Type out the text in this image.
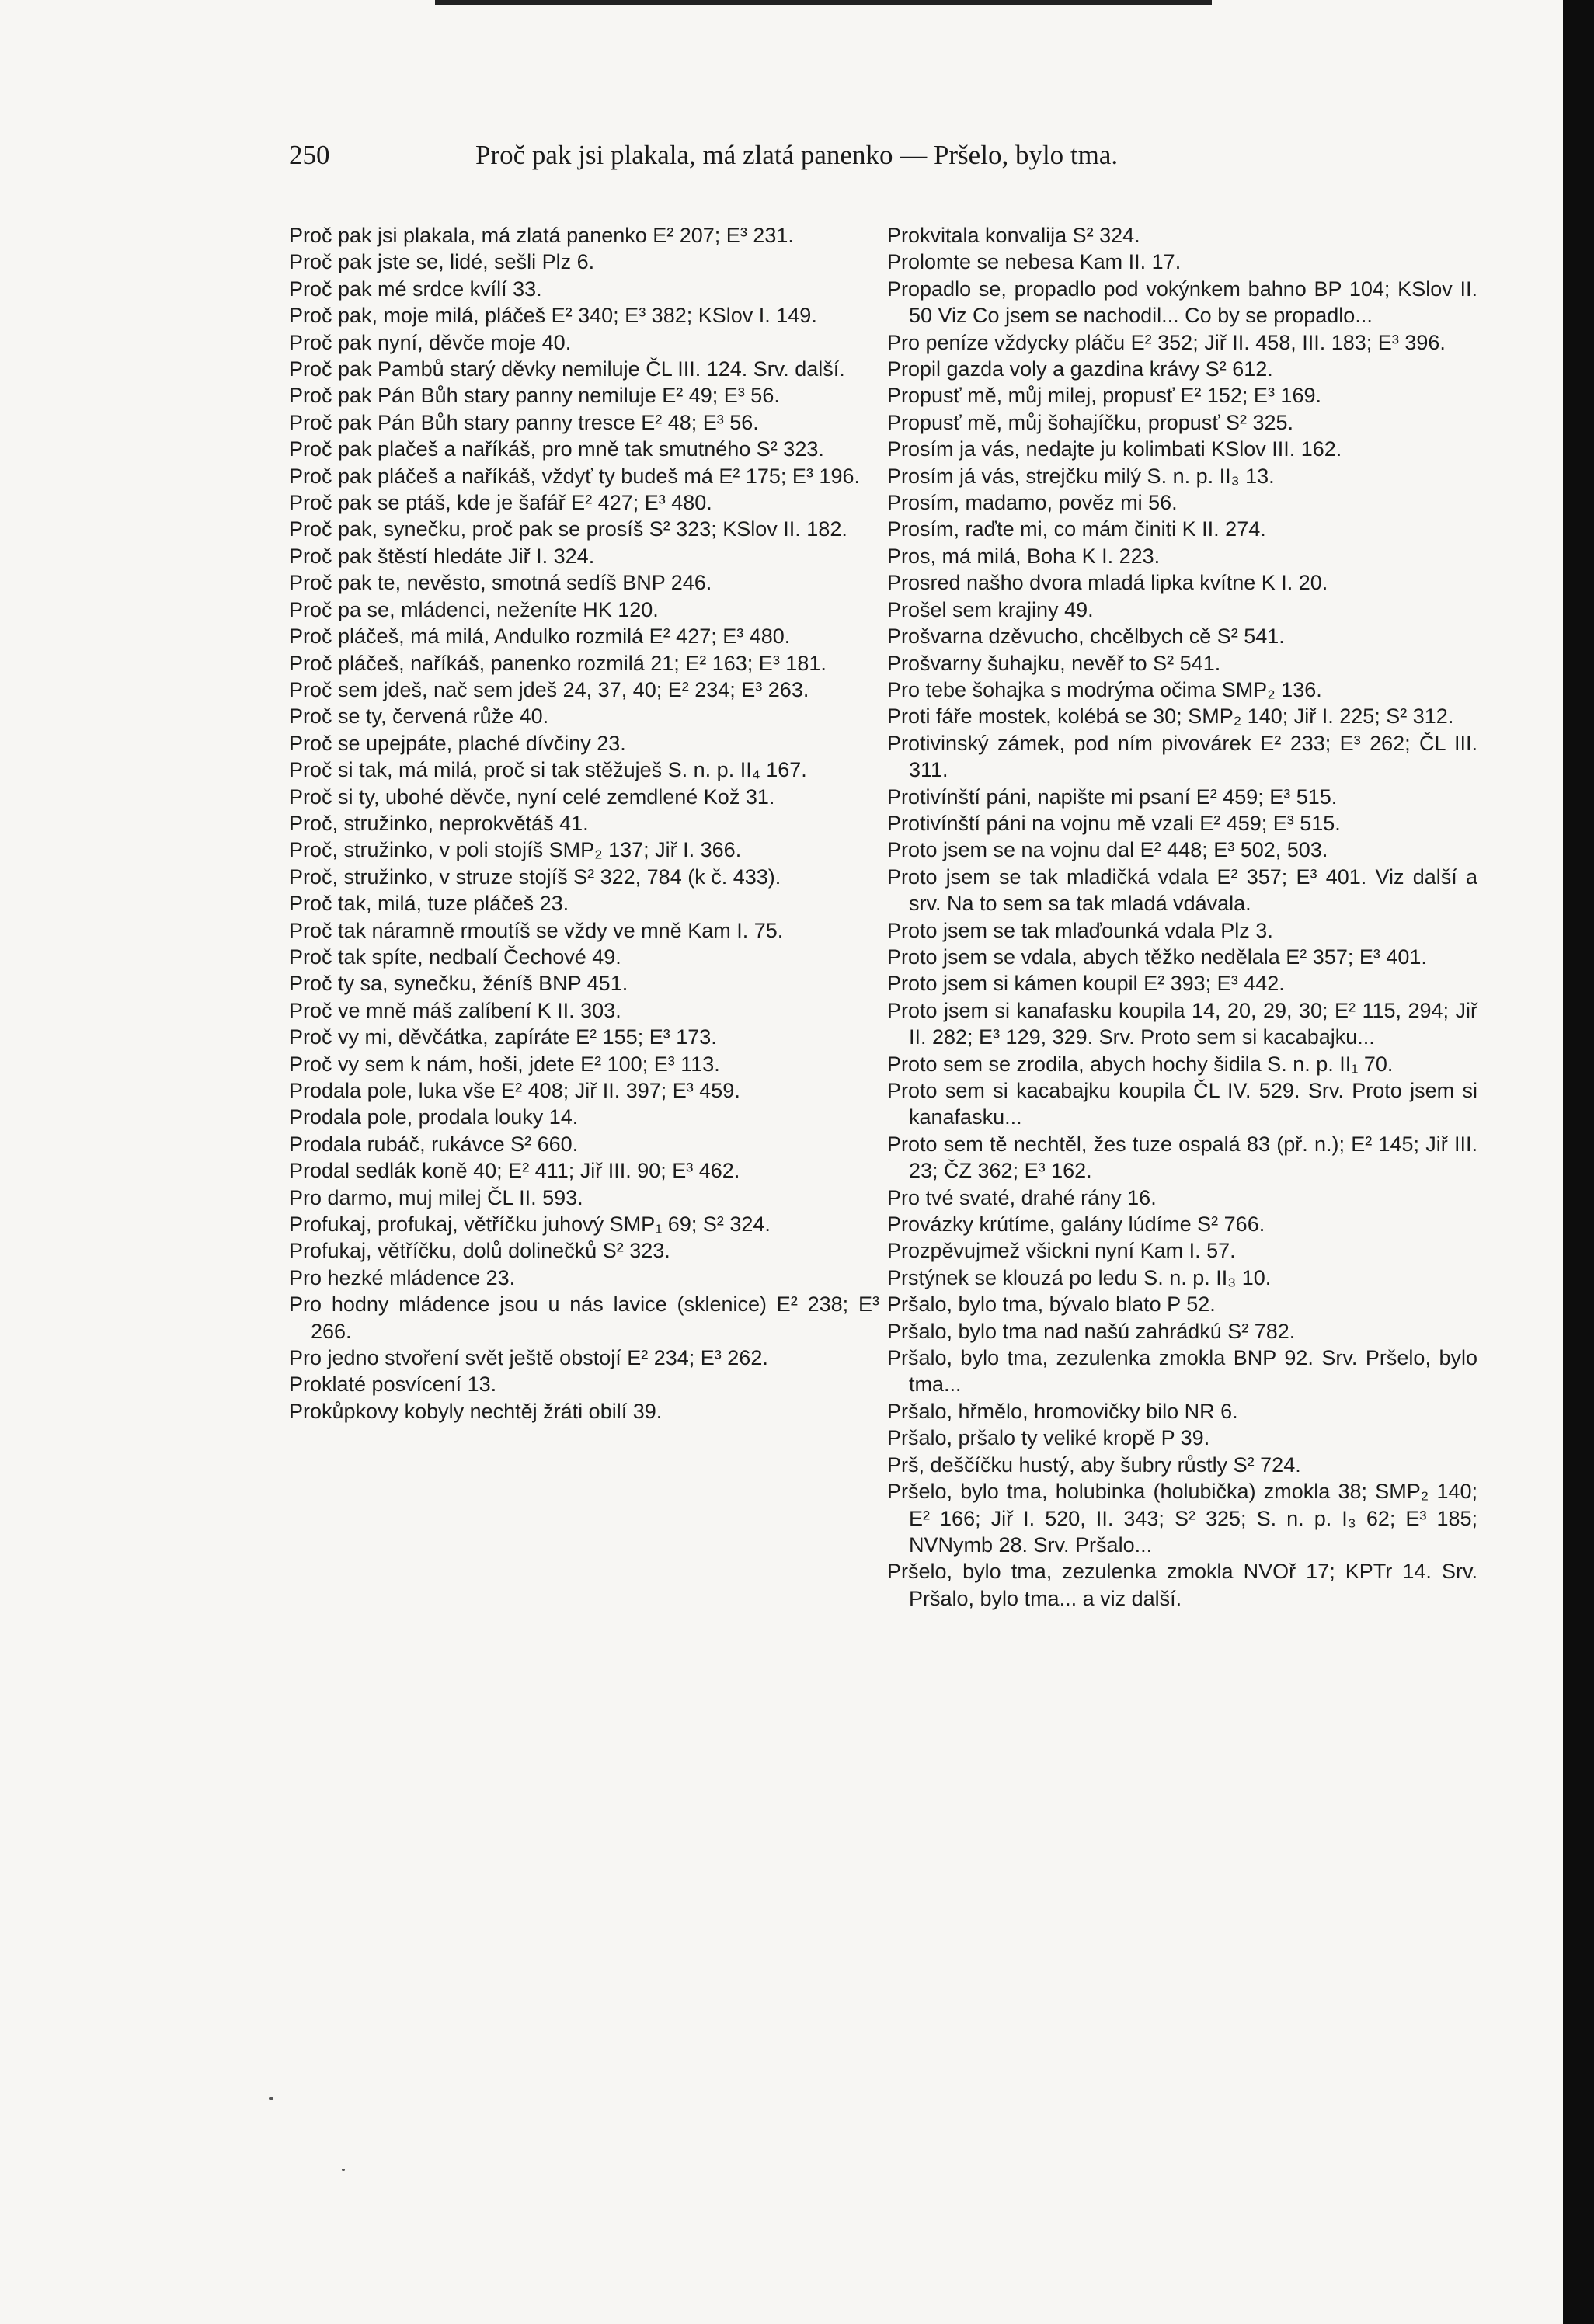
250	Proč pak jsi plakala, má zlatá panenko — Pršelo, bylo tma.

Proč pak jsi plakala, má zlatá panenko E² 207; E³ 231.

Proč pak jste se, lidé, sešli Plz 6.

Proč pak mé srdce kvílí 33.

Proč pak, moje milá, pláčeš E² 340; E³ 382; KSlov I. 149.

Proč pak nyní, děvče moje 40.

Proč pak Pambů starý děvky nemiluje ČL III. 124. Srv. další.

Proč pak Pán Bůh stary panny nemiluje E² 49; E³ 56.

Proč pak Pán Bůh stary panny tresce E² 48; E³ 56.

Proč pak plačeš a naříkáš, pro mně tak smutného S² 323.

Proč pak pláčeš a naříkáš, vždyť ty budeš má E² 175; E³ 196.

Proč pak se ptáš, kde je šafář E² 427; E³ 480.

Proč pak, synečku, proč pak se prosíš S² 323; KSlov II. 182.

Proč pak štěstí hledáte Jiř I. 324.

Proč pak te, nevěsto, smotná sedíš BNP 246.

Proč pa se, mládenci, neženíte HK 120.

Proč pláčeš, má milá, Andulko rozmilá E² 427; E³ 480.

Proč pláčeš, naříkáš, panenko rozmilá 21; E² 163; E³ 181.

Proč sem jdeš, nač sem jdeš 24, 37, 40; E² 234; E³ 263.

Proč se ty, červená růže 40.

Proč se upejpáte, plaché dívčiny 23.

Proč si tak, má milá, proč si tak stěžuješ S. n. p. II₄ 167.

Proč si ty, ubohé děvče, nyní celé zemdlené Kož 31.

Proč, stružinko, neprokvětáš 41.

Proč, stružinko, v poli stojíš SMP₂ 137; Jiř I. 366.

Proč, stružinko, v struze stojíš S² 322, 784 (k č. 433).

Proč tak, milá, tuze pláčeš 23.

Proč tak náramně rmoutíš se vždy ve mně Kam I. 75.

Proč tak spíte, nedbalí Čechové 49.

Proč ty sa, synečku, žéníš BNP 451.

Proč ve mně máš zalíbení K II. 303.

Proč vy mi, děvčátka, zapíráte E² 155; E³ 173.

Proč vy sem k nám, hoši, jdete E² 100; E³ 113.

Prodala pole, luka vše E² 408; Jiř II. 397; E³ 459.

Prodala pole, prodala louky 14.

Prodala rubáč, rukávce S² 660.

Prodal sedlák koně 40; E² 411; Jiř III. 90; E³ 462.

Pro darmo, muj milej ČL II. 593.

Profukaj, profukaj, větříčku juhový SMP₁ 69; S² 324.

Profukaj, větříčku, dolů dolinečků S² 323.

Pro hezké mládence 23.

Pro hodny mládence jsou u nás lavice (sklenice) E² 238; E³ 266.

Pro jedno stvoření svět ještě obstojí E² 234; E³ 262.

Proklaté posvícení 13.

Prokůpkovy kobyly nechtěj žráti obilí 39.

Prokvitala konvalija S² 324.

Prolomte se nebesa Kam II. 17.

Propadlo se, propadlo pod vokýnkem bahno BP 104; KSlov II. 50 Viz Co jsem se nachodil... Co by se propadlo...

Pro peníze vždycky pláču E² 352; Jiř II. 458, III. 183; E³ 396.

Propil gazda voly a gazdina krávy S² 612.

Propusť mě, můj milej, propusť E² 152; E³ 169.

Propusť mě, můj šohajíčku, propusť S² 325.

Prosím ja vás, nedajte ju kolimbati KSlov III. 162.

Prosím já vás, strejčku milý S. n. p. II₃ 13.

Prosím, madamo, pověz mi 56.

Prosím, raďte mi, co mám činiti K II. 274.

Pros, má milá, Boha K I. 223.

Prosred našho dvora mladá lipka kvítne K I. 20.

Prošel sem krajiny 49.

Prošvarna dzěvucho, chcělbych cě S² 541.

Prošvarny šuhajku, nevěř to S² 541.

Pro tebe šohajka s modrýma očima SMP₂ 136.

Proti fáře mostek, kolébá se 30; SMP₂ 140; Jiř I. 225; S² 312.

Protivinský zámek, pod ním pivovárek E² 233; E³ 262; ČL III. 311.

Protivínští páni, napište mi psaní E² 459; E³ 515.

Protivínští páni na vojnu mě vzali E² 459; E³ 515.

Proto jsem se na vojnu dal E² 448; E³ 502, 503.

Proto jsem se tak mladičká vdala E² 357; E³ 401. Viz další a srv. Na to sem sa tak mladá vdávala.

Proto jsem se tak mlaďounká vdala Plz 3.

Proto jsem se vdala, abych těžko nedělala E² 357; E³ 401.

Proto jsem si kámen koupil E² 393; E³ 442.

Proto jsem si kanafasku koupila 14, 20, 29, 30; E² 115, 294; Jiř II. 282; E³ 129, 329. Srv. Proto sem si kacabajku...

Proto sem se zrodila, abych hochy šidila S. n. p. II₁ 70.

Proto sem si kacabajku koupila ČL IV. 529. Srv. Proto jsem si kanafasku...

Proto sem tě nechtěl, žes tuze ospalá 83 (př. n.); E² 145; Jiř III. 23; ČZ 362; E³ 162.

Pro tvé svaté, drahé rány 16.

Provázky krútíme, galány lúdíme S² 766.

Prozpěvujmež všickni nyní Kam I. 57.

Prstýnek se klouzá po ledu S. n. p. II₃ 10.

Pršalo, bylo tma, bývalo blato P 52.

Pršalo, bylo tma nad našú zahrádkú S² 782.

Pršalo, bylo tma, zezulenka zmokla BNP 92. Srv. Pršelo, bylo tma...

Pršalo, hřmělo, hromovičky bilo NR 6.

Pršalo, pršalo ty veliké kropě P 39.

Prš, deščíčku hustý, aby šubry růstly S² 724.

Pršelo, bylo tma, holubinka (holubička) zmokla 38; SMP₂ 140; E² 166; Jiř I. 520, II. 343; S² 325; S. n. p. I₃ 62; E³ 185; NVNymb 28. Srv. Pršalo...

Pršelo, bylo tma, zezulenka zmokla NVOř 17; KPTr 14. Srv. Pršalo, bylo tma... a viz další.
